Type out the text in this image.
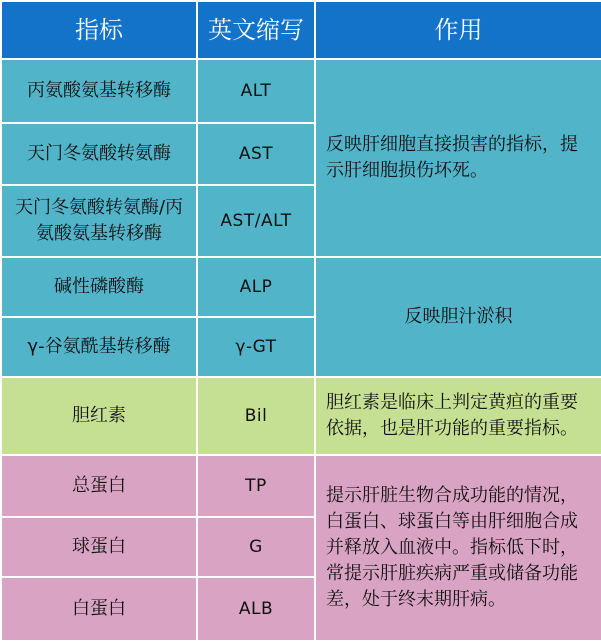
指标	英文缩写	作用
丙氨酸氨基转移酶	ALT	反映肝细胞直接损害的指标，提示肝细胞损伤坏死。
天门冬氨酸转氨酶	AST	
天门冬氨酸转氨酶/丙氨酸氨基转移酶	AST/ALT	
碱性磷酸酶	ALP	反映胆汁淤积
γ-谷氨酰基转移酶	γ-GT	
胆红素	Bil	胆红素是临床上判定黄疸的重要依据，也是肝功能的重要指标。
总蛋白	TP	提示肝脏生物合成功能的情况，白蛋白、球蛋白等由肝细胞合成并释放入血液中。指标低下时，常提示肝脏疾病严重或储备功能差，处于终末期肝病。
球蛋白	G	
白蛋白	ALB	
